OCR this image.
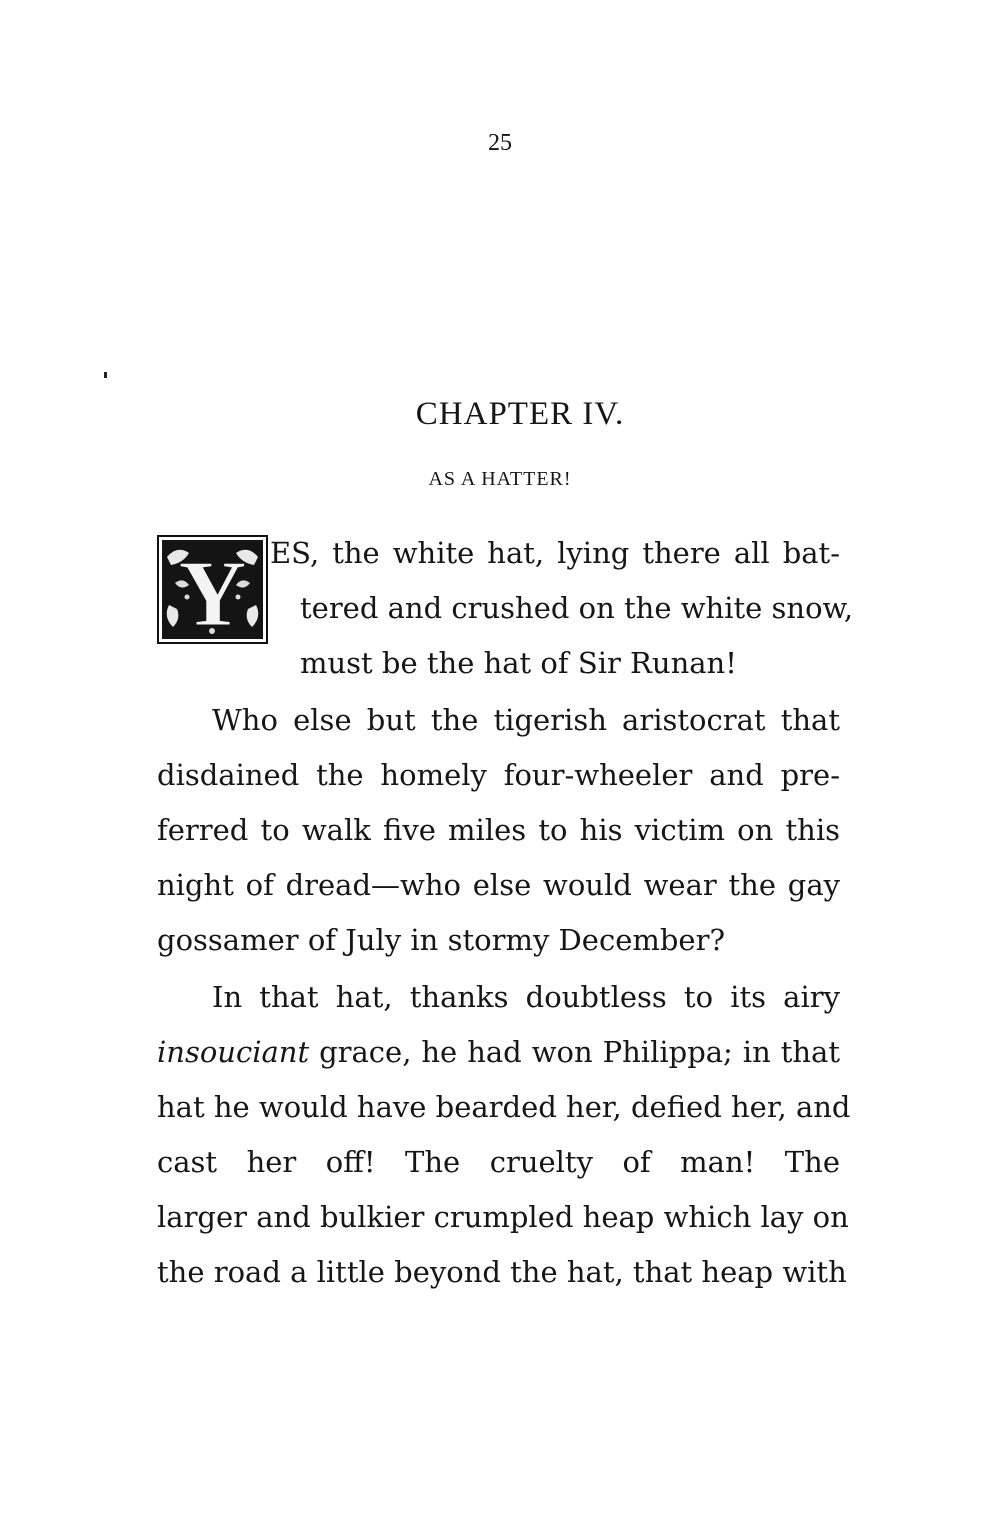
25
CHAPTER IV.
AS A HATTER!
Y ES, the white hat, lying there all bat-
tered and crushed on the white snow,
must be the hat of Sir Runan!
Who else but the tigerish aristocrat that
disdained the homely four-wheeler and pre-
ferred to walk five miles to his victim on this
night of dread—who else would wear the gay
gossamer of July in stormy December?
In that hat, thanks doubtless to its airy
insouciant grace, he had won Philippa; in that
hat he would have bearded her, defied her, and
cast her off! The cruelty of man! The
larger and bulkier crumpled heap which lay on
the road a little beyond the hat, that heap with
